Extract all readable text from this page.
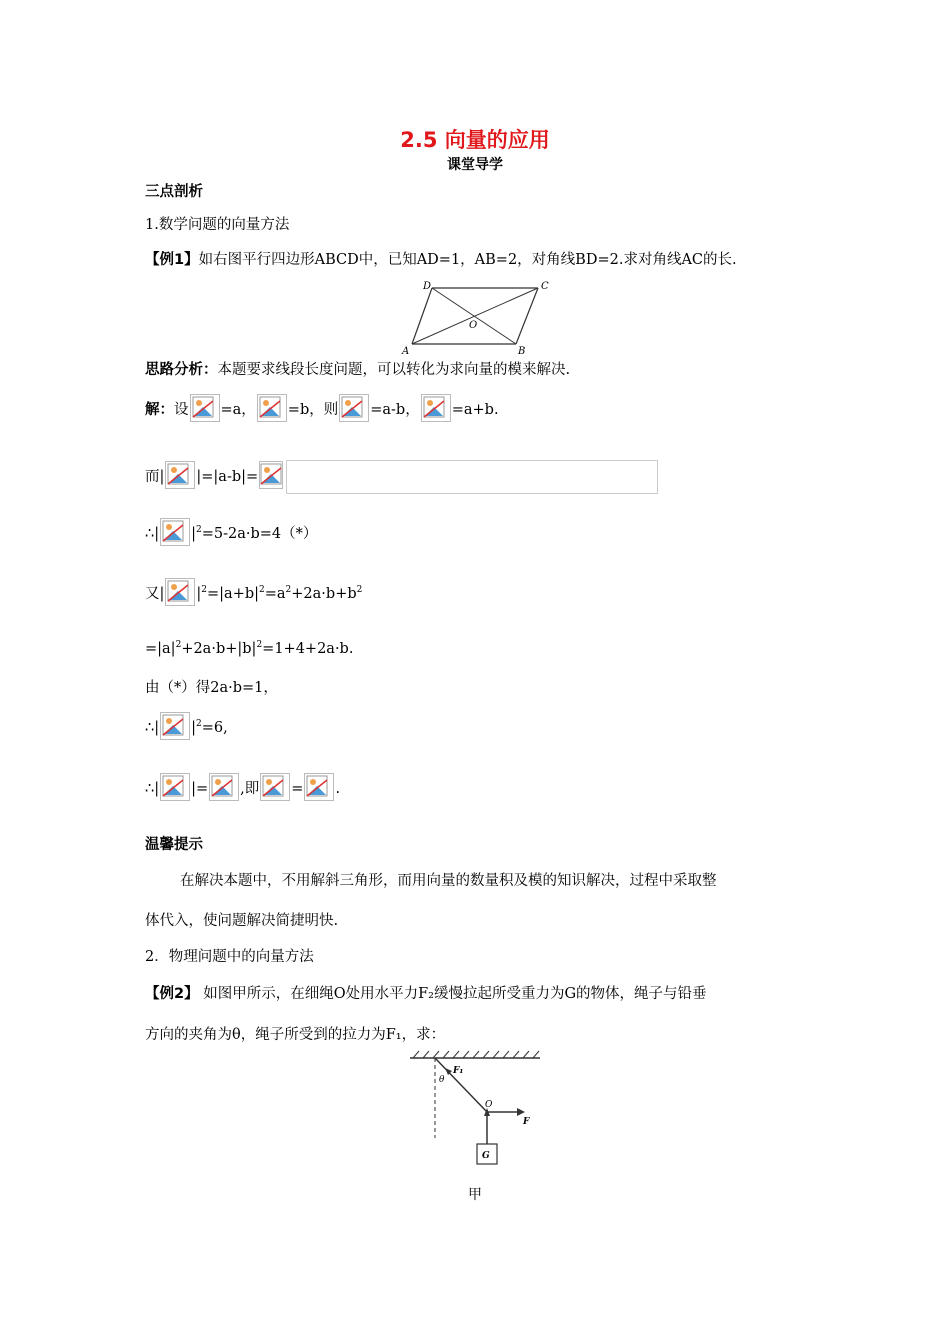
2.5 向量的应用
课堂导学
三点剖析
1.数学问题的向量方法
【例1】如右图平行四边形ABCD中，已知AD=1，AB=2，对角线BD=2.求对角线AC的长.
D	C
O
A	B
思路分析：本题要求线段长度问题，可以转化为求向量的模来解决.
解：设 =a， =b，则 =a-b， =a+b.
而| |=|a-b|=
∴| $|^2=5-2a\cdot b=4(*)$
又| $|^2=|a+b|^2=a^2+2a\cdot b+b^2$
$=|a|^2+2a\cdot b+|b|^2=1+4+2a\cdot b$.
由（*）得2a·b=1，
∴| $|^2=6$,
∴| |= ,即 = .
温馨提示
在解决本题中，不用解斜三角形，而用向量的数量积及模的知识解决，过程中采取整
体代入，使问题解决简捷明快.
2．物理问题中的向量方法
【例2】 如图甲所示，在细绳O处用水平力F₂缓慢拉起所受重力为G的物体，绳子与铅垂
方向的夹角为θ，绳子所受到的拉力为F₁，求：
F₁
θ
O
F
G
甲
